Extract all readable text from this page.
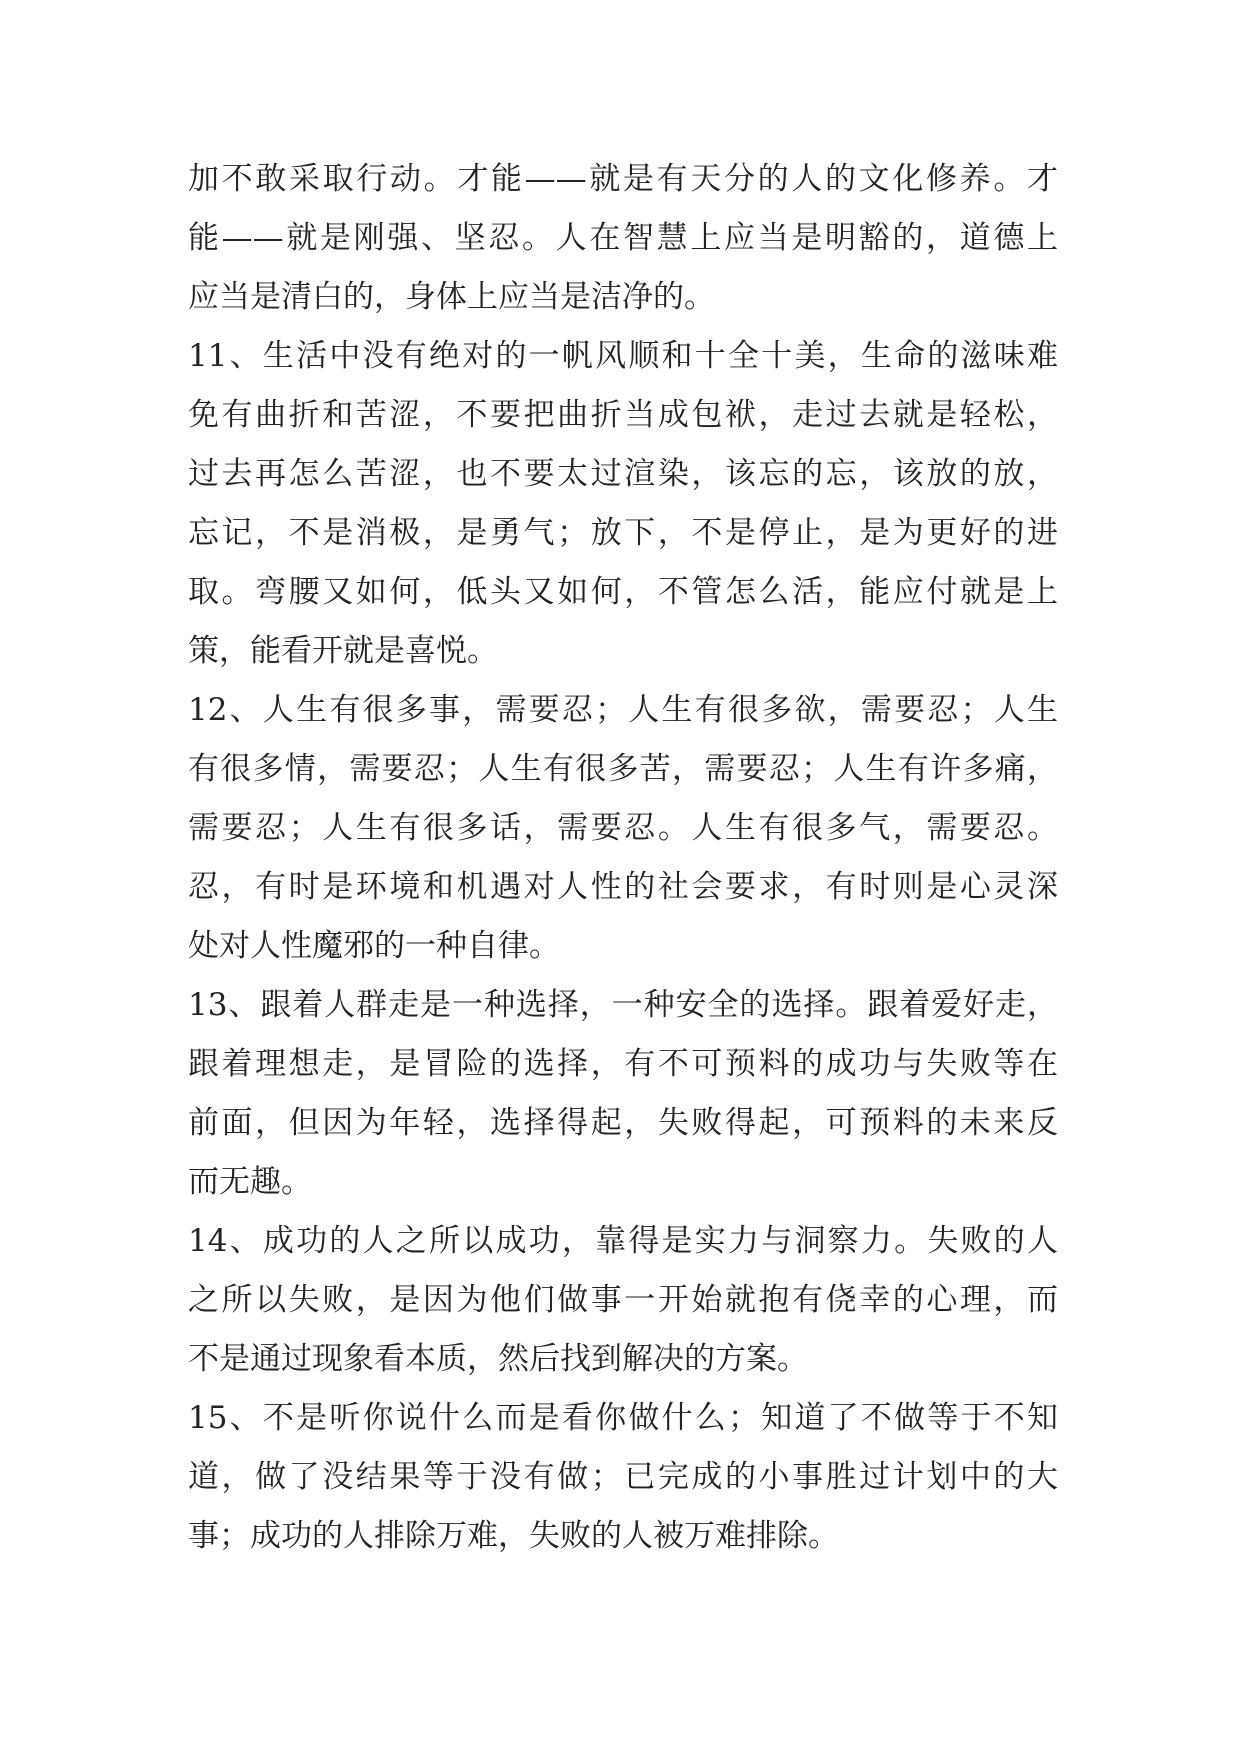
加不敢采取行动。才能——就是有天分的人的文化修养。才
能——就是刚强、坚忍。人在智慧上应当是明豁的，道德上
应当是清白的，身体上应当是洁净的。
11、生活中没有绝对的一帆风顺和十全十美，生命的滋味难
免有曲折和苦涩，不要把曲折当成包袱，走过去就是轻松，
过去再怎么苦涩，也不要太过渲染，该忘的忘，该放的放，
忘记，不是消极，是勇气；放下，不是停止，是为更好的进
取。弯腰又如何，低头又如何，不管怎么活，能应付就是上
策，能看开就是喜悦。
12、人生有很多事，需要忍；人生有很多欲，需要忍；人生
有很多情，需要忍；人生有很多苦，需要忍；人生有许多痛，
需要忍；人生有很多话，需要忍。人生有很多气，需要忍。
忍，有时是环境和机遇对人性的社会要求，有时则是心灵深
处对人性魔邪的一种自律。
13、跟着人群走是一种选择，一种安全的选择。跟着爱好走，
跟着理想走，是冒险的选择，有不可预料的成功与失败等在
前面，但因为年轻，选择得起，失败得起，可预料的未来反
而无趣。
14、成功的人之所以成功，靠得是实力与洞察力。失败的人
之所以失败，是因为他们做事一开始就抱有侥幸的心理，而
不是通过现象看本质，然后找到解决的方案。
15、不是听你说什么而是看你做什么；知道了不做等于不知
道，做了没结果等于没有做；已完成的小事胜过计划中的大
事；成功的人排除万难，失败的人被万难排除。
